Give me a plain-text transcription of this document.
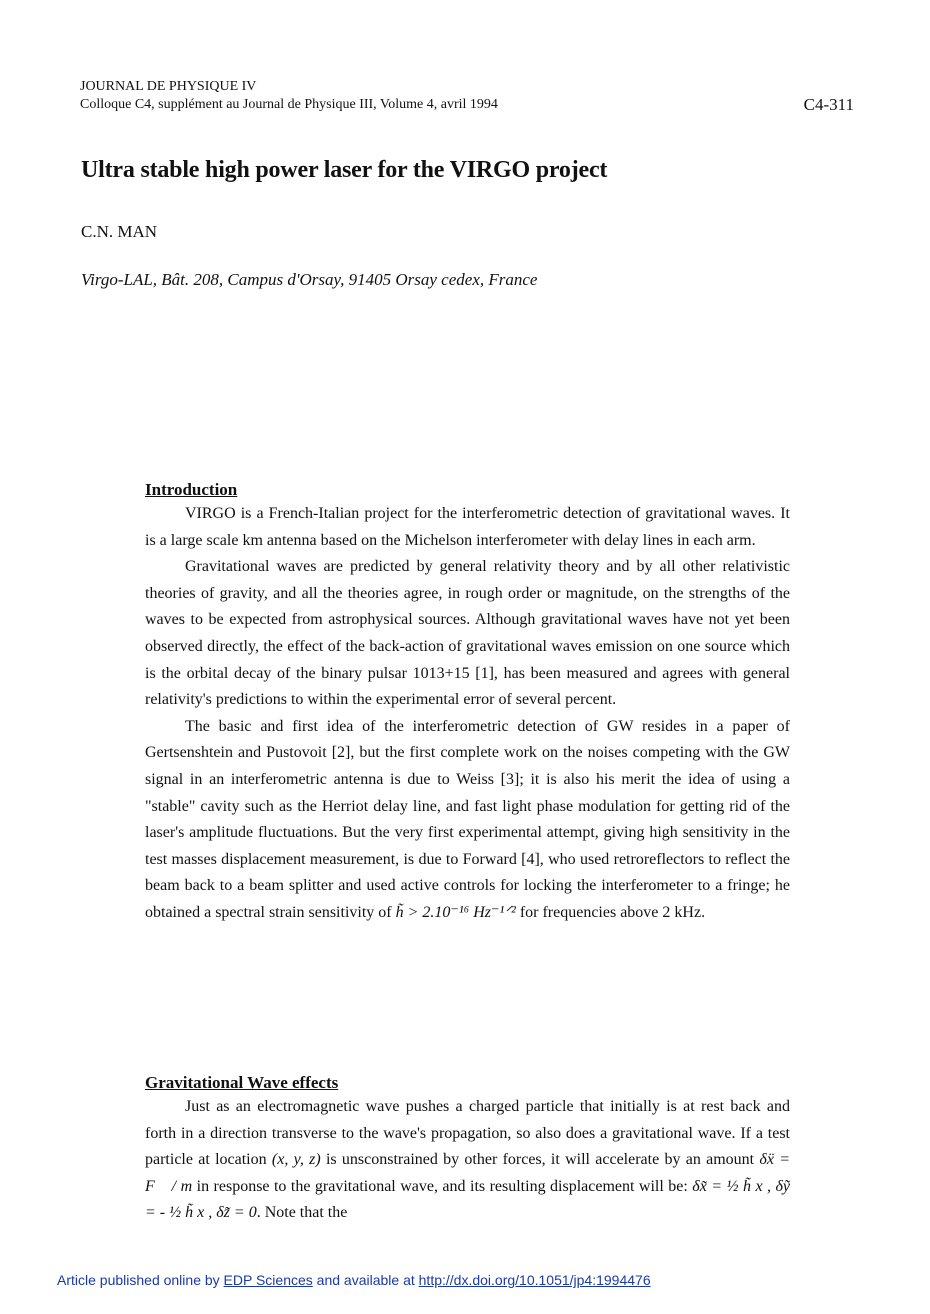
JOURNAL DE PHYSIQUE IV
Colloque C4, supplément au Journal de Physique III, Volume 4, avril 1994	C4-311
Ultra stable high power laser for the VIRGO project
C.N. MAN
Virgo-LAL, Bât. 208, Campus d'Orsay, 91405 Orsay cedex, France
Introduction

VIRGO is a French-Italian project for the interferometric detection of gravitational waves. It is a large scale km antenna based on the Michelson interferometer with delay lines in each arm.

Gravitational waves are predicted by general relativity theory and by all other relativistic theories of gravity, and all the theories agree, in rough order or magnitude, on the strengths of the waves to be expected from astrophysical sources. Although gravitational waves have not yet been observed directly, the effect of the back-action of gravitational waves emission on one source which is the orbital decay of the binary pulsar 1013+15 [1], has been measured and agrees with general relativity's predictions to within the experimental error of several percent.

The basic and first idea of the interferometric detection of GW resides in a paper of Gertsenshtein and Pustovoit [2], but the first complete work on the noises competing with the GW signal in an interferometric antenna is due to Weiss [3]; it is also his merit the idea of using a "stable" cavity such as the Herriot delay line, and fast light phase modulation for getting rid of the laser's amplitude fluctuations. But the very first experimental attempt, giving high sensitivity in the test masses displacement measurement, is due to Forward [4], who used retroreflectors to reflect the beam back to a beam splitter and used active controls for locking the interferometer to a fringe; he obtained a spectral strain sensitivity of h̃ > 2.10⁻¹⁶ Hz⁻¹ᐟ² for frequencies above 2 kHz.

Gravitational Wave effects

Just as an electromagnetic wave pushes a charged particle that initially is at rest back and forth in a direction transverse to the wave's propagation, so also does a gravitational wave. If a test particle at location (x, y, z) is unsconstrained by other forces, it will accelerate by an amount δẍ = F⃗ / m in response to the gravitational wave, and its resulting displacement will be: δx̃ = ½ h̃ x , δỹ = - ½ h̃ x , δz̃ = 0. Note that the

Article published online by EDP Sciences and available at http://dx.doi.org/10.1051/jp4:1994476
